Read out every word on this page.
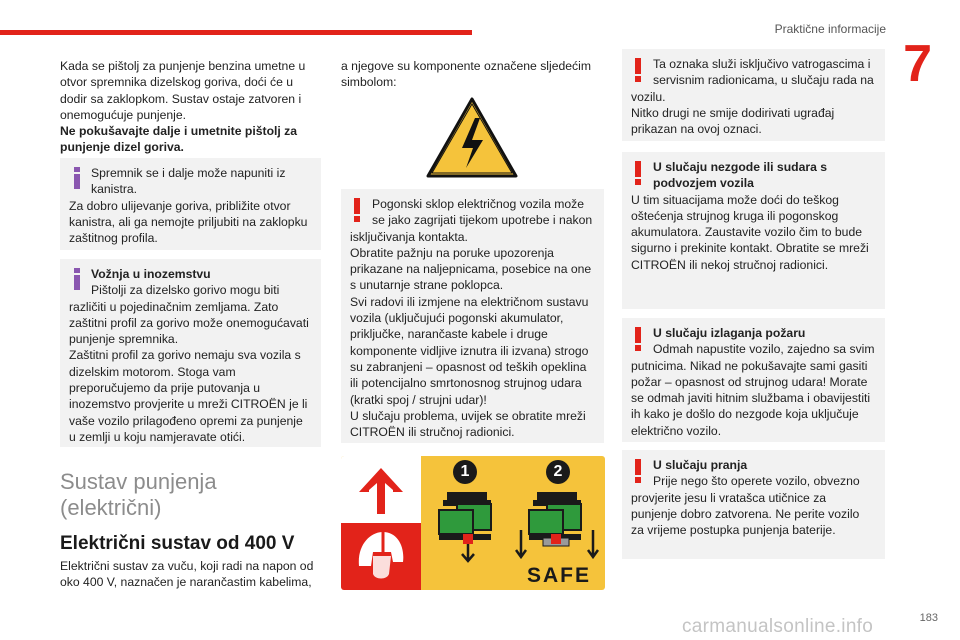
Praktične informacije
7

Kada se pištolj za punjenje benzina umetne u otvor spremnika dizelskog goriva, doći će u dodir sa zaklopkom. Sustav ostaje zatvoren i onemogućuje punjenje.

Ne pokušavajte dalje i umetnite pištolj za punjenje dizel goriva.

Spremnik se i dalje može napuniti iz kanistra.

Za dobro ulijevanje goriva, približite otvor kanistra, ali ga nemojte priljubiti na zaklopku zaštitnog profila.

Vožnja u inozemstvu

Pištolji za dizelsko gorivo mogu biti

različiti u pojedinačnim zemljama. Zato zaštitni profil za gorivo može onemogućavati punjenje spremnika.

Zaštitni profil za gorivo nemaju sva vozila s dizelskim motorom. Stoga vam preporučujemo da prije putovanja u inozemstvo provjerite u mreži CITROËN je li vaše vozilo prilagođeno opremi za punjenje u zemlji u koju namjeravate otići.

Sustav punjenja (električni)
Električni sustav od 400 V
Električni sustav za vuču, koji radi na napon od oko 400 V, naznačen je narančastim kabelima,
a njegove su komponente označene sljedećim simbolom:

Pogonski sklop električnog vozila može se jako zagrijati tijekom upotrebe i nakon

isključivanja kontakta.

Obratite pažnju na poruke upozorenja prikazane na naljepnicama, posebice na one s unutarnje strane poklopca.

Svi radovi ili izmjene na električnom sustavu vozila (uključujući pogonski akumulator, priključke, narančaste kabele i druge komponente vidljive iznutra ili izvana) strogo su zabranjeni – opasnost od teških opeklina ili potencijalno smrtonosnog strujnog udara (kratki spoj / strujni udar)!

U slučaju problema, uvijek se obratite mreži CITROËN ili stručnoj radionici.

1	2
SAFE

Ta oznaka služi isključivo vatrogascima i servisnim radionicama, u slučaju rada na

vozilu.

Nitko drugi ne smije dodirivati ugrađaj prikazan na ovoj oznaci.

U slučaju nezgode ili sudara s podvozjem vozila

U tim situacijama može doći do teškog oštećenja strujnog kruga ili pogonskog akumulatora. Zaustavite vozilo čim to bude sigurno i prekinite kontakt. Obratite se mreži CITROËN ili nekoj stručnoj radionici.

U slučaju izlaganja požaru

Odmah napustite vozilo, zajedno sa svim

putnicima. Nikad ne pokušavajte sami gasiti požar – opasnost od strujnog udara! Morate se odmah javiti hitnim službama i obavijestiti ih kako je došlo do nezgode koja uključuje električno vozilo.

U slučaju pranja

Prije nego što operete vozilo, obvezno

provjerite jesu li vratašca utičnice za punjenje dobro zatvorena. Ne perite vozilo za vrijeme postupka punjenja baterije.

carmanualsonline.info	183
